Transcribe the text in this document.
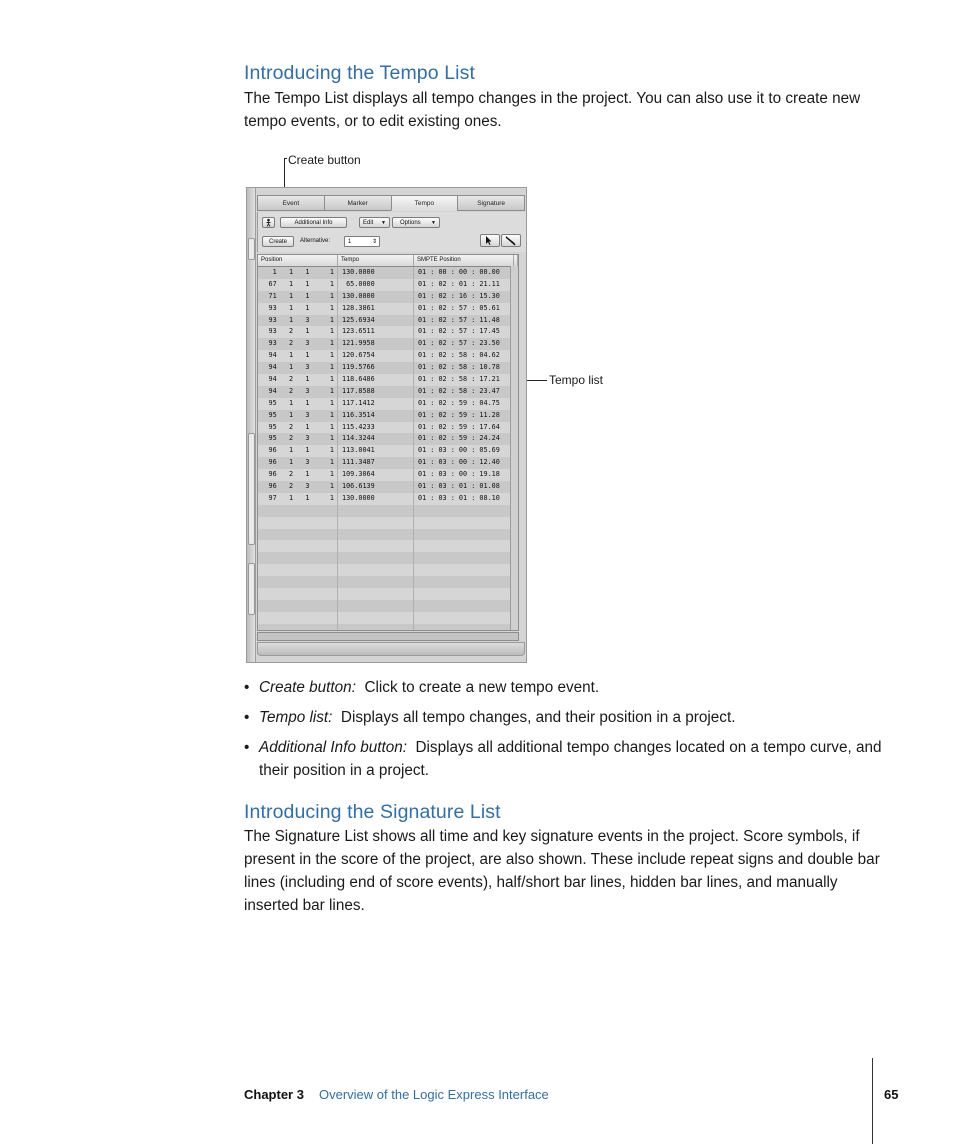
Introducing the Tempo List

The Tempo List displays all tempo changes in the project. You can also use it to create new tempo events, or to edit existing ones.

Create button
Tempo list
Event	Marker	Tempo	Signature
Additional Info	Edit ▼	Options ▼
Create	Alternative:	1	⇕
Position	Tempo	SMPTE Position
1   1   1     1	130.0000	01 : 00 : 00 : 00.00
67   1   1     1	65.0000	01 : 02 : 01 : 21.11
71   1   1     1	130.0000	01 : 02 : 16 : 15.30
93   1   1     1	128.3861	01 : 02 : 57 : 05.61
93   1   3     1	125.6934	01 : 02 : 57 : 11.48
93   2   1     1	123.6511	01 : 02 : 57 : 17.45
93   2   3     1	121.9958	01 : 02 : 57 : 23.50
94   1   1     1	120.6754	01 : 02 : 58 : 04.62
94   1   3     1	119.5766	01 : 02 : 58 : 10.78
94   2   1     1	118.6486	01 : 02 : 58 : 17.21
94   2   3     1	117.8588	01 : 02 : 58 : 23.47
95   1   1     1	117.1412	01 : 02 : 59 : 04.75
95   1   3     1	116.3514	01 : 02 : 59 : 11.28
95   2   1     1	115.4233	01 : 02 : 59 : 17.64
95   2   3     1	114.3244	01 : 02 : 59 : 24.24
96   1   1     1	113.0041	01 : 03 : 00 : 05.69
96   1   3     1	111.3487	01 : 03 : 00 : 12.40
96   2   1     1	109.3064	01 : 03 : 00 : 19.18
96   2   3     1	106.6139	01 : 03 : 01 : 01.08
97   1   1     1	130.0000	01 : 03 : 01 : 08.10
• Create button: Click to create a new tempo event.
• Tempo list: Displays all tempo changes, and their position in a project.
• Additional Info button: Displays all additional tempo changes located on a tempo curve, and their position in a project.
Introducing the Signature List

The Signature List shows all time and key signature events in the project. Score symbols, if present in the score of the project, are also shown. These include repeat signs and double bar lines (including end of score events), half/short bar lines, hidden bar lines, and manually inserted bar lines.

Chapter 3 Overview of the Logic Express Interface	65
